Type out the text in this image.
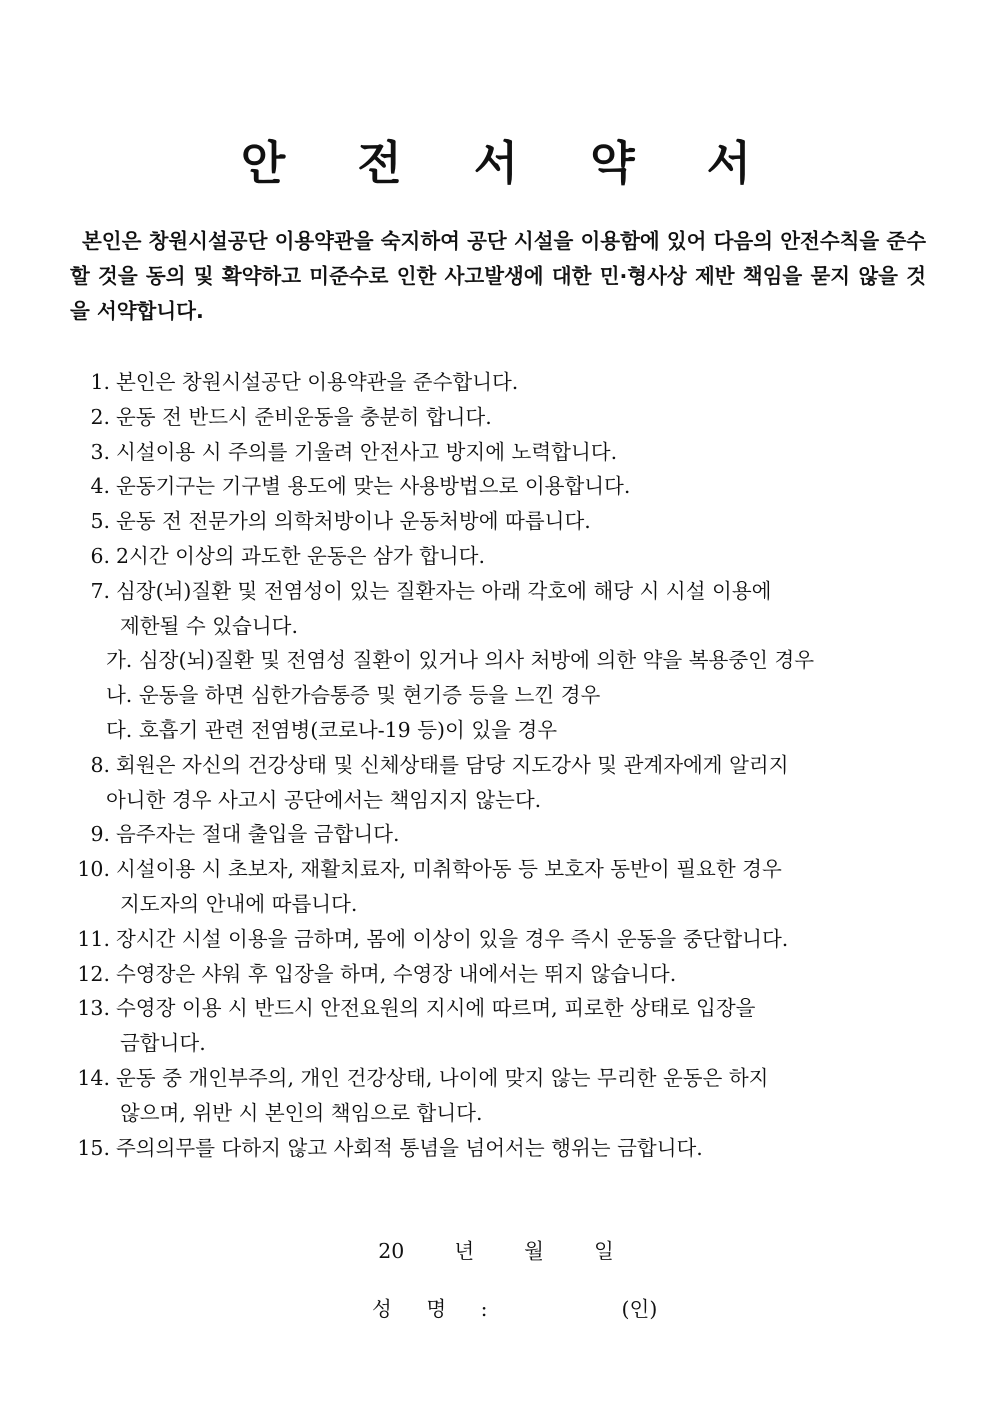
안 전 서 약 서

본인은 창원시설공단 이용약관을 숙지하여 공단 시설을 이용함에 있어 다음의 안전수칙을 준수할 것을 동의 및 확약하고 미준수로 인한 사고발생에 대한 민·형사상 제반 책임을 묻지 않을 것을 서약합니다.

1. 본인은 창원시설공단 이용약관을 준수합니다.
2. 운동 전 반드시 준비운동을 충분히 합니다.
3. 시설이용 시 주의를 기울려 안전사고 방지에 노력합니다.
4. 운동기구는 기구별 용도에 맞는 사용방법으로 이용합니다.
5. 운동 전 전문가의 의학처방이나 운동처방에 따릅니다.
6. 2시간 이상의 과도한 운동은 삼가 합니다.
7. 심장(뇌)질환 및 전염성이 있는 질환자는 아래 각호에 해당 시 시설 이용에
제한될 수 있습니다.
가. 심장(뇌)질환 및 전염성 질환이 있거나 의사 처방에 의한 약을 복용중인 경우
나. 운동을 하면 심한가슴통증 및 현기증 등을 느낀 경우
다. 호흡기 관련 전염병(코로나-19 등)이 있을 경우
8. 회원은 자신의 건강상태 및 신체상태를 담당 지도강사 및 관계자에게 알리지
아니한 경우 사고시 공단에서는 책임지지 않는다.
9. 음주자는 절대 출입을 금합니다.
10. 시설이용 시 초보자, 재활치료자, 미취학아동 등 보호자 동반이 필요한 경우
지도자의 안내에 따릅니다.
11. 장시간 시설 이용을 금하며, 몸에 이상이 있을 경우 즉시 운동을 중단합니다.
12. 수영장은 샤워 후 입장을 하며, 수영장 내에서는 뛰지 않습니다.
13. 수영장 이용 시 반드시 안전요원의 지시에 따르며, 피로한 상태로 입장을
금합니다.
14. 운동 중 개인부주의, 개인 건강상태, 나이에 맞지 않는 무리한 운동은 하지
않으며, 위반 시 본인의 책임으로 합니다.
15. 주의의무를 다하지 않고 사회적 통념을 넘어서는 행위는 금합니다.
20 년 월 일
성 명 :	(인)
